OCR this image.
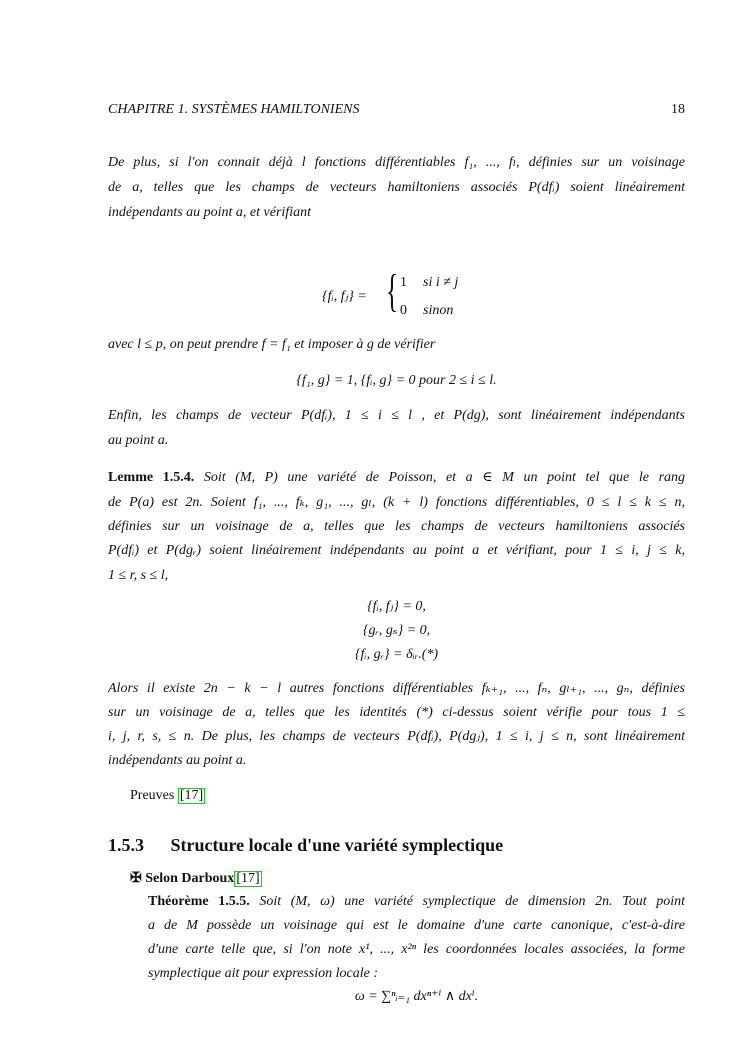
CHAPITRE 1. SYSTÈMES HAMILTONIENS	18
De plus, si l'on connait déjà l fonctions différentiables f₁, ..., fₗ, définies sur un voisinage
de a, telles que les champs de vecteurs hamiltoniens associés P(dfᵢ) soient linéairement
indépendants au point a, et vérifiant
{fᵢ, fⱼ} = { 1 si i ≠ j
0 sinon
avec l ≤ p, on peut prendre f = f₁ et imposer à g de vérifier
{f₁, g} = 1, {fᵢ, g} = 0 pour 2 ≤ i ≤ l.
Enfin, les champs de vecteur P(dfᵢ), 1 ≤ i ≤ l , et P(dg), sont linéairement indépendants
au point a.
Lemme 1.5.4. Soit (M, P) une variété de Poisson, et a ∈ M un point tel que le rang
de P(a) est 2n. Soient f₁, ..., fₖ, g₁, ..., gₗ, (k + l) fonctions différentiables, 0 ≤ l ≤ k ≤ n,
définies sur un voisinage de a, telles que les champs de vecteurs hamiltoniens associés
P(dfᵢ) et P(dgᵣ) soient linéairement indépendants au point a et vérifiant, pour 1 ≤ i, j ≤ k,
1 ≤ r, s ≤ l,
{fᵢ, fⱼ} = 0,
{gᵣ, gₛ} = 0,
{fᵢ, gᵣ} = δᵢᵣ.(*)
Alors il existe 2n − k − l autres fonctions différentiables fₖ₊₁, ..., fₙ, gₗ₊₁, ..., gₙ, définies
sur un voisinage de a, telles que les identités (*) ci-dessus soient vérifie pour tous 1 ≤
i, j, r, s, ≤ n. De plus, les champs de vecteurs P(dfᵢ), P(dgⱼ), 1 ≤ i, j ≤ n, sont linéairement
indépendants au point a.
Preuves [17]
1.5.3 Structure locale d'une variété symplectique
✠ Selon Darboux [17]
Théorème 1.5.5. Soit (M, ω) une variété symplectique de dimension 2n. Tout point
a de M possède un voisinage qui est le domaine d'une carte canonique, c'est-à-dire
d'une carte telle que, si l'on note x¹, ..., x²ⁿ les coordonnées locales associées, la forme
symplectique ait pour expression locale :
ω = ∑ⁿᵢ₌₁ dxⁿ⁺ⁱ ∧ dxⁱ.
